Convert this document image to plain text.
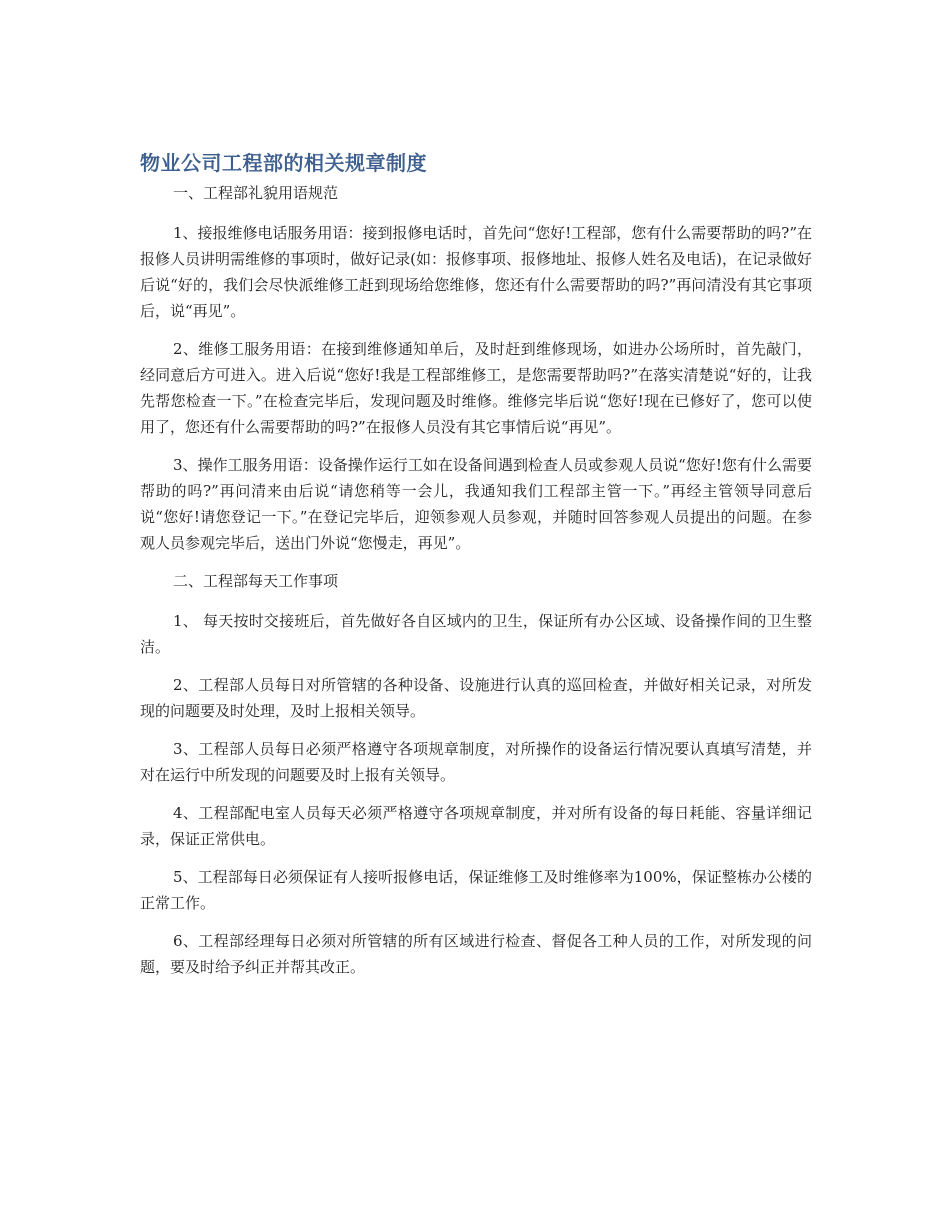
物业公司工程部的相关规章制度
一、工程部礼貌用语规范

1、接报维修电话服务用语：接到报修电话时，首先问“您好!工程部，您有什么需要帮助的吗?”在报修人员讲明需维修的事项时，做好记录(如：报修事项、报修地址、报修人姓名及电话)，在记录做好后说“好的，我们会尽快派维修工赶到现场给您维修，您还有什么需要帮助的吗?”再问清没有其它事项后，说“再见”。

2、维修工服务用语：在接到维修通知单后，及时赶到维修现场，如进办公场所时，首先敲门，经同意后方可进入。进入后说“您好!我是工程部维修工，是您需要帮助吗?”在落实清楚说“好的，让我先帮您检查一下。”在检查完毕后，发现问题及时维修。维修完毕后说“您好!现在已修好了，您可以使用了，您还有什么需要帮助的吗?”在报修人员没有其它事情后说“再见”。

3、操作工服务用语：设备操作运行工如在设备间遇到检查人员或参观人员说“您好!您有什么需要帮助的吗?”再问清来由后说“请您稍等一会儿，我通知我们工程部主管一下。”再经主管领导同意后说“您好!请您登记一下。”在登记完毕后，迎领参观人员参观，并随时回答参观人员提出的问题。在参观人员参观完毕后，送出门外说“您慢走，再见”。

二、工程部每天工作事项

1、 每天按时交接班后，首先做好各自区域内的卫生，保证所有办公区域、设备操作间的卫生整洁。

2、工程部人员每日对所管辖的各种设备、设施进行认真的巡回检查，并做好相关记录，对所发现的问题要及时处理，及时上报相关领导。

3、工程部人员每日必须严格遵守各项规章制度，对所操作的设备运行情况要认真填写清楚，并对在运行中所发现的问题要及时上报有关领导。

4、工程部配电室人员每天必须严格遵守各项规章制度，并对所有设备的每日耗能、容量详细记录，保证正常供电。

5、工程部每日必须保证有人接听报修电话，保证维修工及时维修率为100%，保证整栋办公楼的正常工作。

6、工程部经理每日必须对所管辖的所有区域进行检查、督促各工种人员的工作，对所发现的问题，要及时给予纠正并帮其改正。
